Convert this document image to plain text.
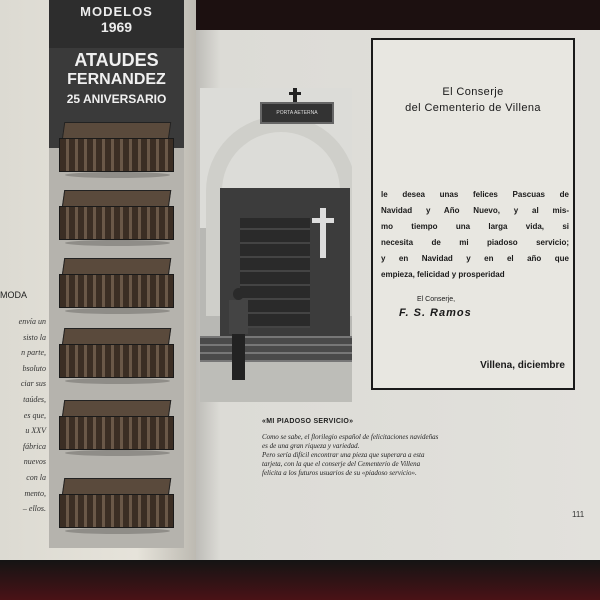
MODA
envía un
sisto la
n parte,
bsoluto
ciar sus
taúdes,
es que,
u XXV
fábrica
nuevos
con la
mento,
– ellos.
MODELOS
1969
ATAUDES
FERNANDEZ
25 ANIVERSARIO
PORTA AETERNA
«MI PIADOSO SERVICIO»
Como se sabe, el florilegio español de felicitaciones navideñas
es de una gran riqueza y variedad.
Pero sería difícil encontrar una pieza que superara a esta
tarjeta, con la que el conserje del Cementerio de Villena
felicita a los futuros usuarios de su «piadoso servicio».
El Conserje
del Cementerio de Villena
le desea unas felices Pascuas de
Navidad y Año Nuevo, y al mis-
mo tiempo una larga vida, si
necesita de mi piadoso servicio;
y en Navidad y en el año que
empieza, felicidad y prosperidad
El Conserje,
F. S. Ramos
Villena, diciembre
111
